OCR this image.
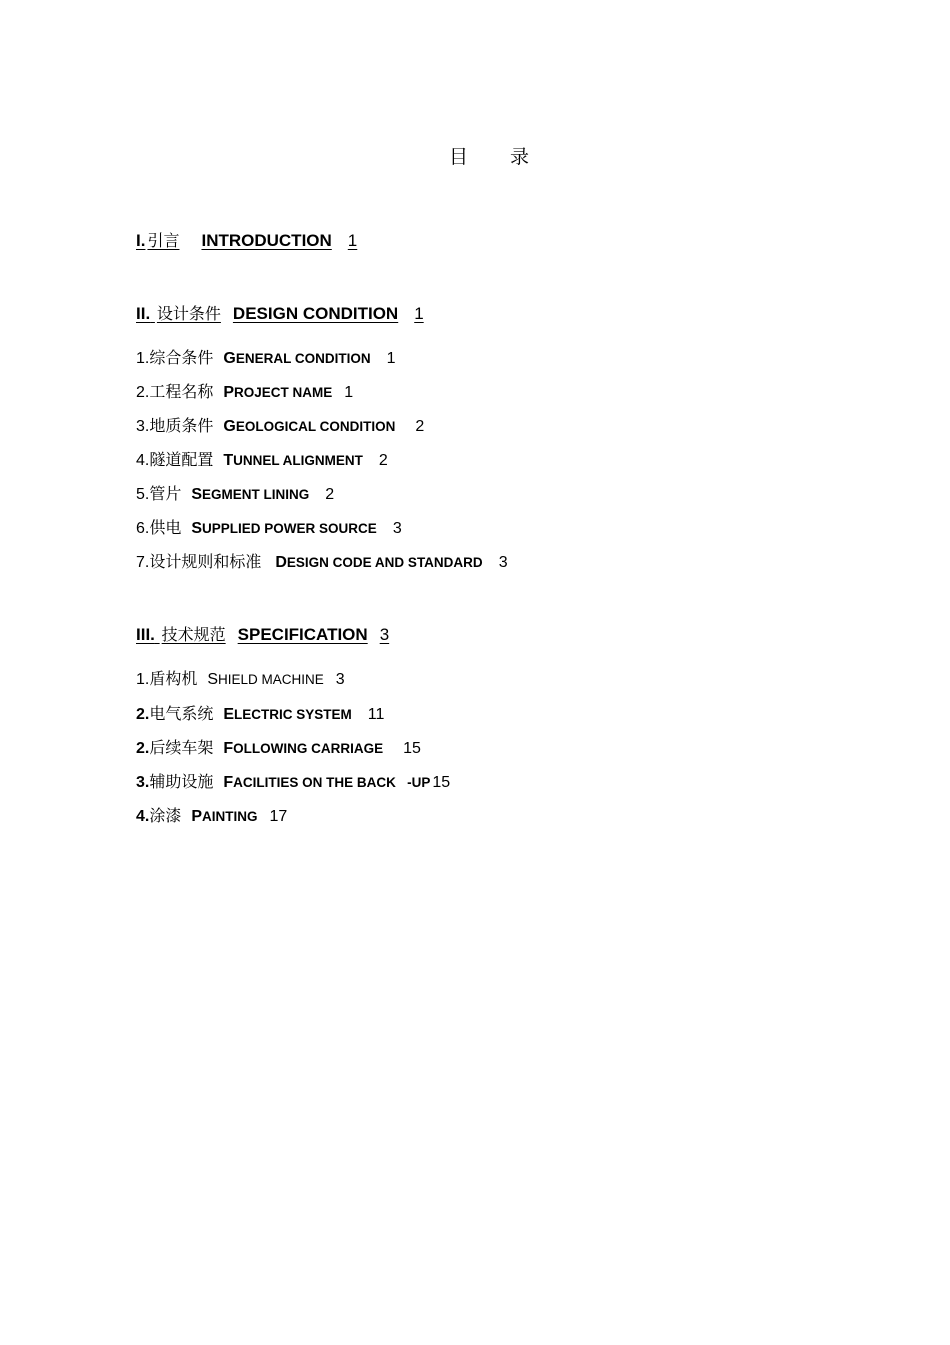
目 录
I. 引言 INTRODUCTION 1
II. 设计条件 DESIGN CONDITION 1
1.综合条件 GENERAL CONDITION 1
2.工程名称 PROJECT NAME 1
3.地质条件 GEOLOGICAL CONDITION 2
4.隧道配置 TUNNEL ALIGNMENT 2
5.管片 SEGMENT LINING 2
6.供电 SUPPLIED POWER SOURCE 3
7.设计规则和标准 DESIGN CODE AND STANDARD 3
III. 技术规范 SPECIFICATION 3
1.盾构机 SHIELD MACHINE 3
2.电气系统 ELECTRIC SYSTEM 11
2.后续车架 FOLLOWING CARRIAGE 15
3.辅助设施 FACILITIES ON THE BACK   -UP 15
4.涂漆 PAINTING 17
